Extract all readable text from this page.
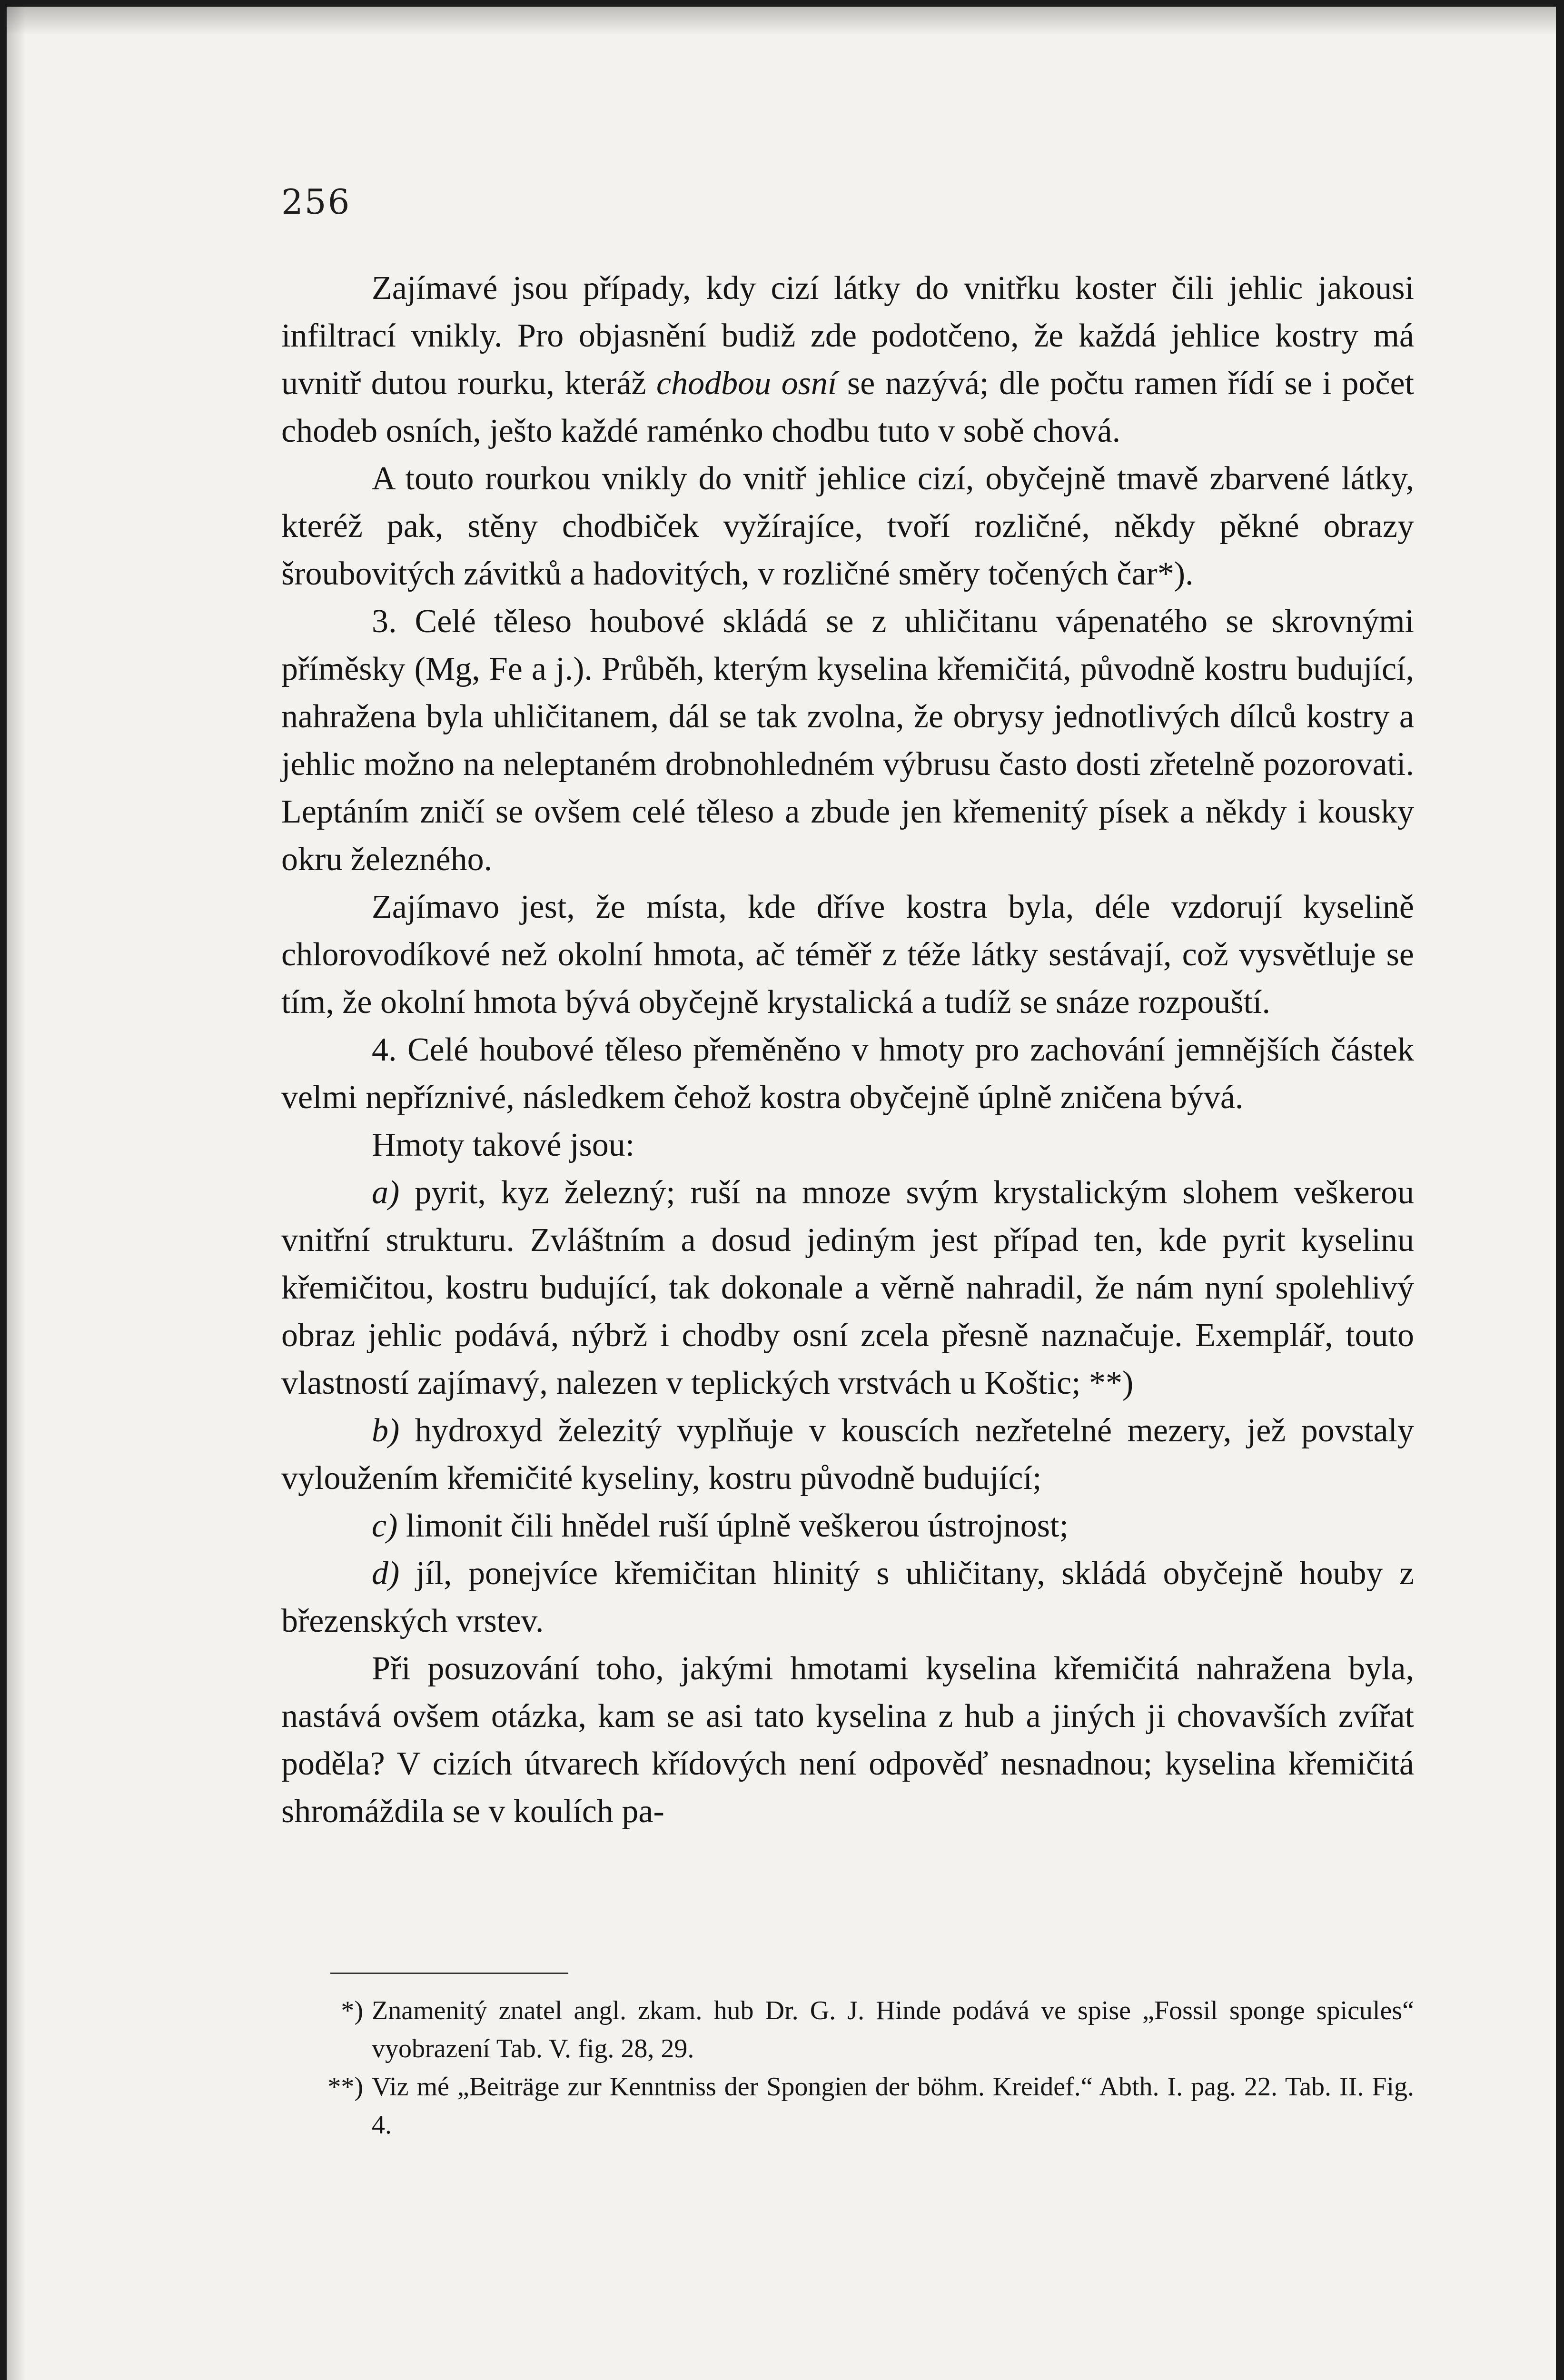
256

Zajímavé jsou případy, kdy cizí látky do vnitřku koster čili jehlic jakousi infiltrací vnikly. Pro objasnění budiž zde podotčeno, že každá jehlice kostry má uvnitř dutou rourku, kteráž chodbou osní se nazývá; dle počtu ramen řídí se i počet chodeb osních, ješto každé raménko chodbu tuto v sobě chová.

A touto rourkou vnikly do vnitř jehlice cizí, obyčejně tmavě zbarvené látky, kteréž pak, stěny chodbiček vyžírajíce, tvoří rozličné, někdy pěkné obrazy šroubovitých závitků a hadovitých, v rozličné směry točených čar*).

3. Celé těleso houbové skládá se z uhličitanu vápenatého se skrovnými příměsky (Mg, Fe a j.). Průběh, kterým kyselina křemičitá, původně kostru budující, nahražena byla uhličitanem, dál se tak zvolna, že obrysy jednotlivých dílců kostry a jehlic možno na neleptaném drobnohledném výbrusu často dosti zřetelně pozorovati. Leptáním zničí se ovšem celé těleso a zbude jen křemenitý písek a někdy i kousky okru železného.

Zajímavo jest, že místa, kde dříve kostra byla, déle vzdorují kyselině chlorovodíkové než okolní hmota, ač téměř z téže látky sestávají, což vysvětluje se tím, že okolní hmota bývá obyčejně krystalická a tudíž se snáze rozpouští.

4. Celé houbové těleso přeměněno v hmoty pro zachování jemnějších částek velmi nepříznivé, následkem čehož kostra obyčejně úplně zničena bývá.

Hmoty takové jsou:

a) pyrit, kyz železný; ruší na mnoze svým krystalickým slohem veškerou vnitřní strukturu. Zvláštním a dosud jediným jest případ ten, kde pyrit kyselinu křemičitou, kostru budující, tak dokonale a věrně nahradil, že nám nyní spolehlivý obraz jehlic podává, nýbrž i chodby osní zcela přesně naznačuje. Exemplář, touto vlastností zajímavý, nalezen v teplických vrstvách u Koštic; **)

b) hydroxyd železitý vyplňuje v kouscích nezřetelné mezery, jež povstaly vyloužením křemičité kyseliny, kostru původně budující;

c) limonit čili hnědel ruší úplně veškerou ústrojnost;

d) jíl, ponejvíce křemičitan hlinitý s uhličitany, skládá obyčejně houby z březenských vrstev.

Při posuzování toho, jakými hmotami kyselina křemičitá nahražena byla, nastává ovšem otázka, kam se asi tato kyselina z hub a jiných ji chovavších zvířat poděla? V cizích útvarech křídových není odpověď nesnadnou; kyselina křemičitá shromáždila se v koulích pa-

*) Znamenitý znatel angl. zkam. hub Dr. G. J. Hinde podává ve spise „Fossil sponge spicules“ vyobrazení Tab. V. fig. 28, 29.
**) Viz mé „Beiträge zur Kenntniss der Spongien der böhm. Kreidef.“ Abth. I. pag. 22. Tab. II. Fig. 4.
